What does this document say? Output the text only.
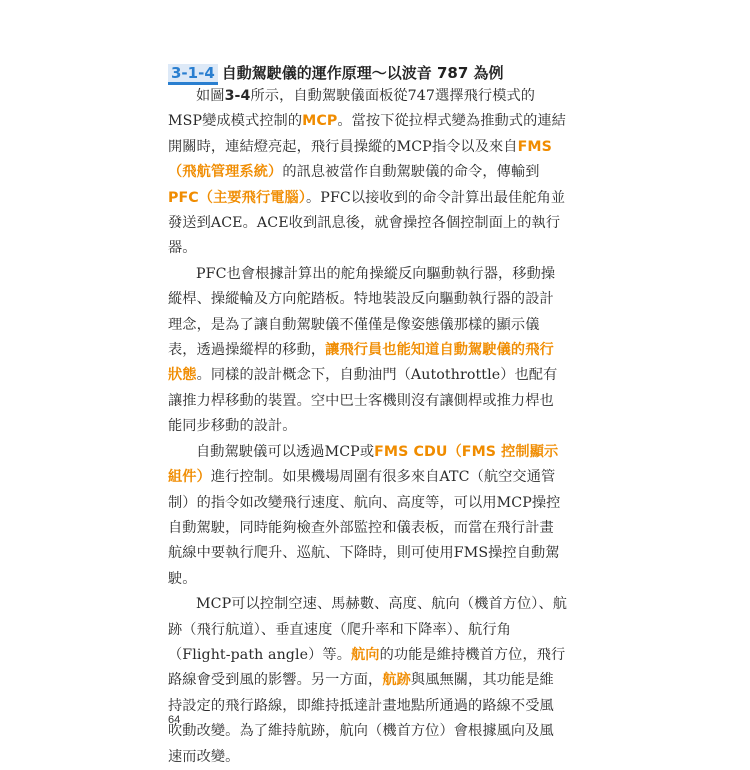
3-1-4 自動駕駛儀的運作原理～以波音 787 為例

如圖3-4所示，自動駕駛儀面板從747選擇飛行模式的MSP變成模式控制的MCP。當按下從拉桿式變為推動式的連結開關時，連結燈亮起，飛行員操縱的MCP指令以及來自FMS（飛航管理系統）的訊息被當作自動駕駛儀的命令，傳輸到PFC（主要飛行電腦）。PFC以接收到的命令計算出最佳舵角並發送到ACE。ACE收到訊息後，就會操控各個控制面上的執行器。

PFC也會根據計算出的舵角操縱反向驅動執行器，移動操縱桿、操縱輪及方向舵踏板。特地裝設反向驅動執行器的設計理念，是為了讓自動駕駛儀不僅僅是像姿態儀那樣的顯示儀表，透過操縱桿的移動，讓飛行員也能知道自動駕駛儀的飛行狀態。同樣的設計概念下，自動油門（Autothrottle）也配有讓推力桿移動的裝置。空中巴士客機則沒有讓側桿或推力桿也能同步移動的設計。

自動駕駛儀可以透過MCP或FMS CDU（FMS 控制顯示組件）進行控制。如果機場周圍有很多來自ATC（航空交通管制）的指令如改變飛行速度、航向、高度等，可以用MCP操控自動駕駛，同時能夠檢查外部監控和儀表板，而當在飛行計畫航線中要執行爬升、巡航、下降時，則可使用FMS操控自動駕駛。

MCP可以控制空速、馬赫數、高度、航向（機首方位）、航跡（飛行航道）、垂直速度（爬升率和下降率）、航行角（Flight-path angle）等。航向的功能是維持機首方位，飛行路線會受到風的影響。另一方面，航跡與風無關，其功能是維持設定的飛行路線，即維持抵達計畫地點所通過的路線不受風吹動改變。為了維持航跡，航向（機首方位）會根據風向及風速而改變。

64
